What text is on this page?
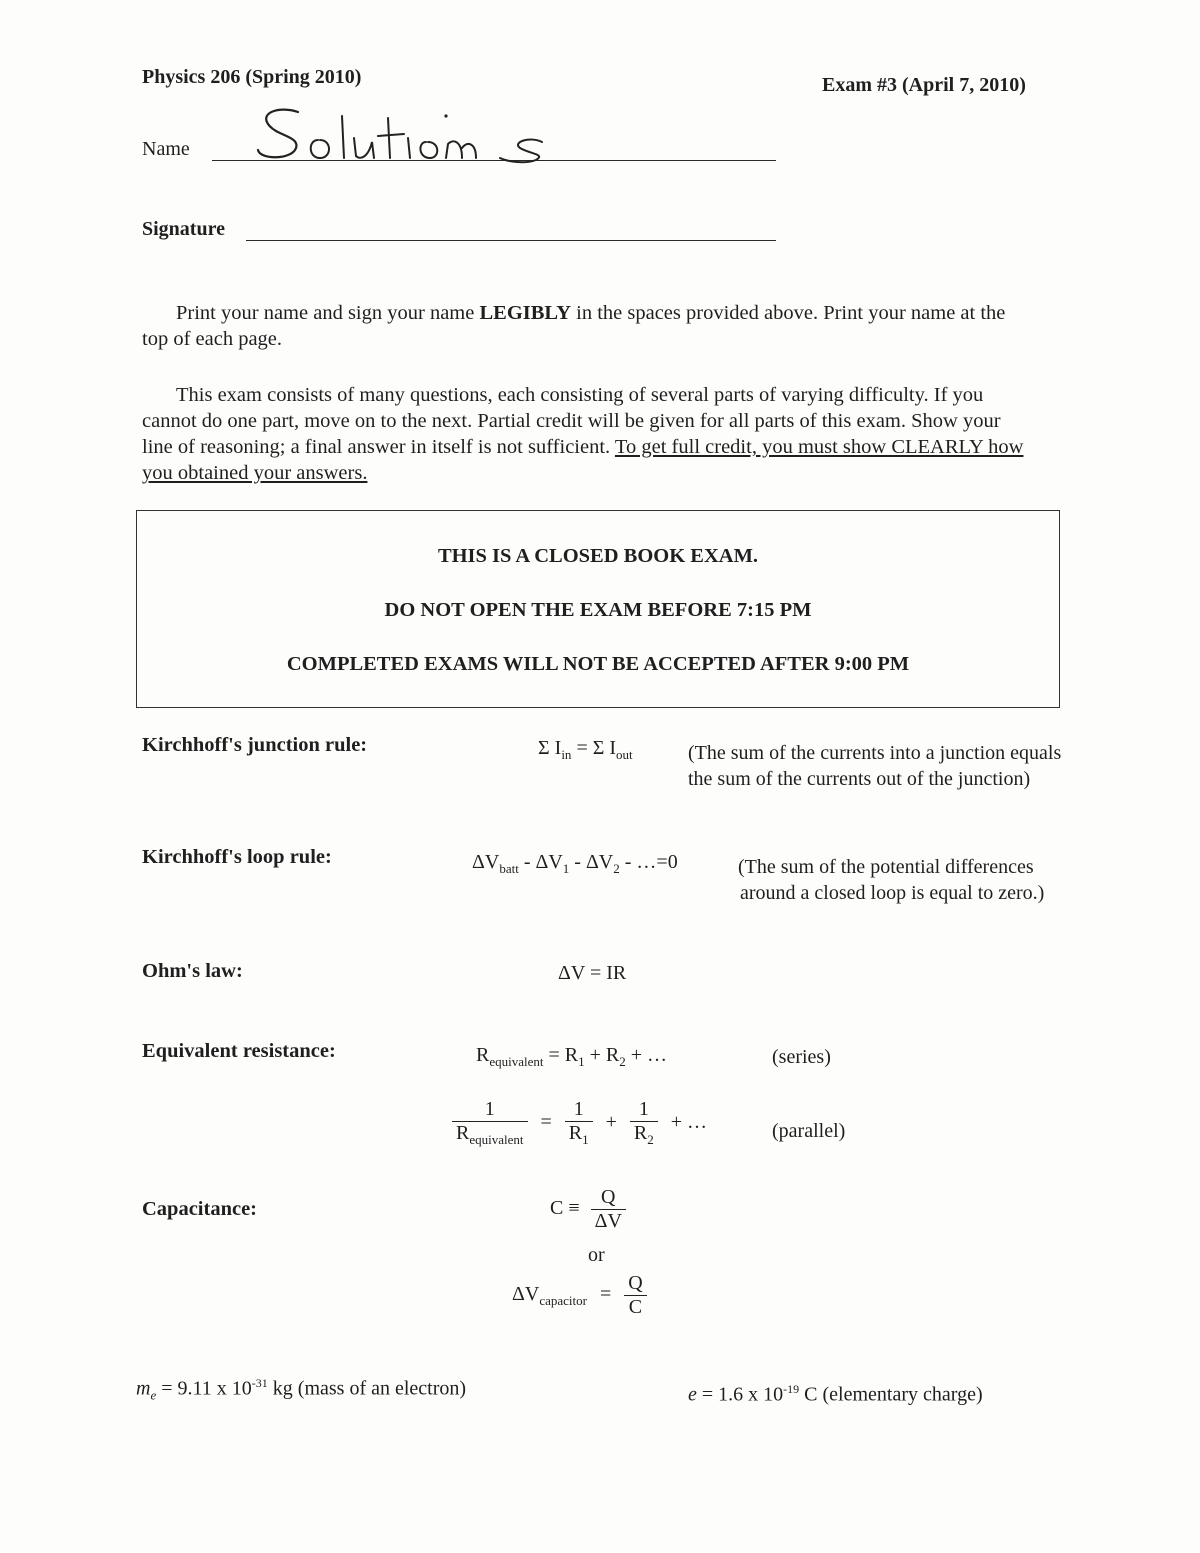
Physics 206 (Spring 2010)	Exam #3 (April 7, 2010)
Name
Signature

Print your name and sign your name LEGIBLY in the spaces provided above. Print your name at the top of each page.

This exam consists of many questions, each consisting of several parts of varying difficulty. If you cannot do one part, move on to the next. Partial credit will be given for all parts of this exam. Show your line of reasoning; a final answer in itself is not sufficient. To get full credit, you must show CLEARLY how you obtained your answers.

THIS IS A CLOSED BOOK EXAM.
DO NOT OPEN THE EXAM BEFORE 7:15 PM
COMPLETED EXAMS WILL NOT BE ACCEPTED AFTER 9:00 PM
Kirchhoff's junction rule:	Σ $I_{in} = \Sigma$ $I_{out}$	(The sum of the currents into a junction equals the sum of the currents out of the junction)
Kirchhoff's loop rule:	$\Delta V_{batt} - \Delta V_1 - \Delta V_2$ - …=0	(The sum of the potential differences around a closed loop is equal to zero.)
Ohm's law:	ΔV = IR
Equivalent resistance:	$R_{equivalent} = R_1 + R_2$ + …	(series)
$\frac{1}{R_{equivalent}} = \frac{1}{R_1} + \frac{1}{R_2}$ + …	(parallel)
Capacitance:	$C \equiv \frac{Q}{\Delta V}$
or
$\Delta V_{capacitor} = \frac{Q}{C}$
$m_e = 9.11$ x $10^{-31}$ kg (mass of an electron)	e = 1.6 x $10^{-19}$ C (elementary charge)
